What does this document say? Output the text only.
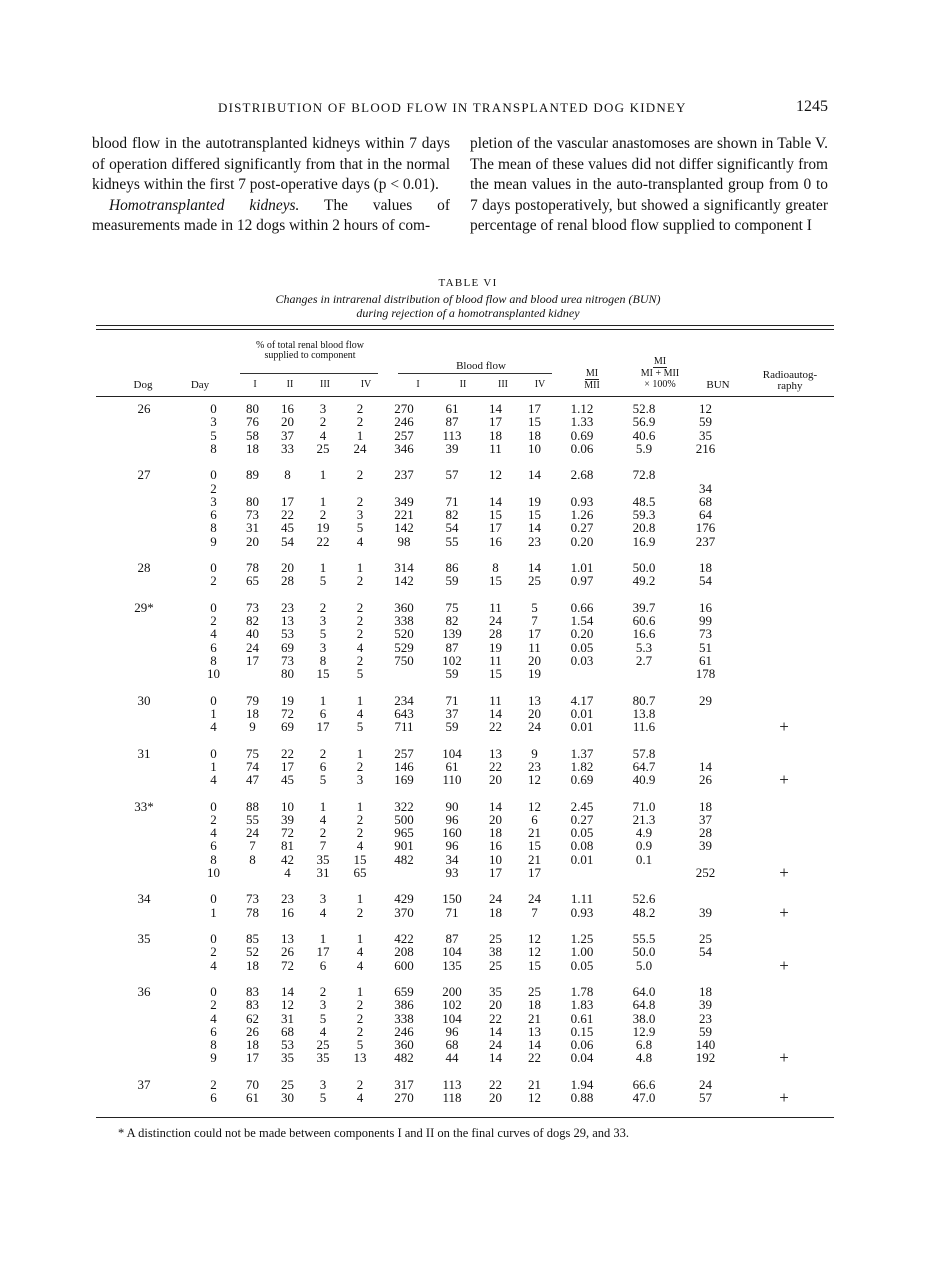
DISTRIBUTION OF BLOOD FLOW IN TRANSPLANTED DOG KIDNEY	1245

blood flow in the autotransplanted kidneys within 7 days of operation differed significantly from that in the normal kidneys within the first 7 post-operative days (p < 0.01).

Homotransplanted kidneys. The values of measurements made in 12 dogs within 2 hours of com-

pletion of the vascular anastomoses are shown in Table V. The mean of these values did not differ significantly from the mean values in the auto-transplanted group from 0 to 7 days postoperatively, but showed a significantly greater percentage of renal blood flow supplied to component I

TABLE VI
Changes in intrarenal distribution of blood flow and blood urea nitrogen (BUN)
during rejection of a homotransplanted kidney
% of total renal blood flow supplied to component
Blood flow
Dog	Day	I	II	III	IV	I	II	III	IV
MI
MII
MI
MI + MII
× 100%	BUN
Radioautog-raphy
26	0	80	16	3	2	270	61	14	17	1.12	52.8	12	
	3	76	20	2	2	246	87	17	15	1.33	56.9	59	
	5	58	37	4	1	257	113	18	18	0.69	40.6	35	
	8	18	33	25	24	346	39	11	10	0.06	5.9	216	

27	0	89	8	1	2	237	57	12	14	2.68	72.8		
	2											34	
	3	80	17	1	2	349	71	14	19	0.93	48.5	68	
	6	73	22	2	3	221	82	15	15	1.26	59.3	64	
	8	31	45	19	5	142	54	17	14	0.27	20.8	176	
	9	20	54	22	4	98	55	16	23	0.20	16.9	237	

28	0	78	20	1	1	314	86	8	14	1.01	50.0	18	
	2	65	28	5	2	142	59	15	25	0.97	49.2	54	

29*	0	73	23	2	2	360	75	11	5	0.66	39.7	16	
	2	82	13	3	2	338	82	24	7	1.54	60.6	99	
	4	40	53	5	2	520	139	28	17	0.20	16.6	73	
	6	24	69	3	4	529	87	19	11	0.05	5.3	51	
	8	17	73	8	2	750	102	11	20	0.03	2.7	61	
	10		80	15	5		59	15	19			178	

30	0	79	19	1	1	234	71	11	13	4.17	80.7	29	
	1	18	72	6	4	643	37	14	20	0.01	13.8		
	4	9	69	17	5	711	59	22	24	0.01	11.6		+

31	0	75	22	2	1	257	104	13	9	1.37	57.8		
	1	74	17	6	2	146	61	22	23	1.82	64.7	14	
	4	47	45	5	3	169	110	20	12	0.69	40.9	26	+

33*	0	88	10	1	1	322	90	14	12	2.45	71.0	18	
	2	55	39	4	2	500	96	20	6	0.27	21.3	37	
	4	24	72	2	2	965	160	18	21	0.05	4.9	28	
	6	7	81	7	4	901	96	16	15	0.08	0.9	39	
	8	8	42	35	15	482	34	10	21	0.01	0.1		
	10		4	31	65		93	17	17			252	+

34	0	73	23	3	1	429	150	24	24	1.11	52.6		
	1	78	16	4	2	370	71	18	7	0.93	48.2	39	+

35	0	85	13	1	1	422	87	25	12	1.25	55.5	25	
	2	52	26	17	4	208	104	38	12	1.00	50.0	54	
	4	18	72	6	4	600	135	25	15	0.05	5.0		+

36	0	83	14	2	1	659	200	35	25	1.78	64.0	18	
	2	83	12	3	2	386	102	20	18	1.83	64.8	39	
	4	62	31	5	2	338	104	22	21	0.61	38.0	23	
	6	26	68	4	2	246	96	14	13	0.15	12.9	59	
	8	18	53	25	5	360	68	24	14	0.06	6.8	140	
	9	17	35	35	13	482	44	14	22	0.04	4.8	192	+

37	2	70	25	3	2	317	113	22	21	1.94	66.6	24	
	6	61	30	5	4	270	118	20	12	0.88	47.0	57	+
* A distinction could not be made between components I and II on the final curves of dogs 29, and 33.
